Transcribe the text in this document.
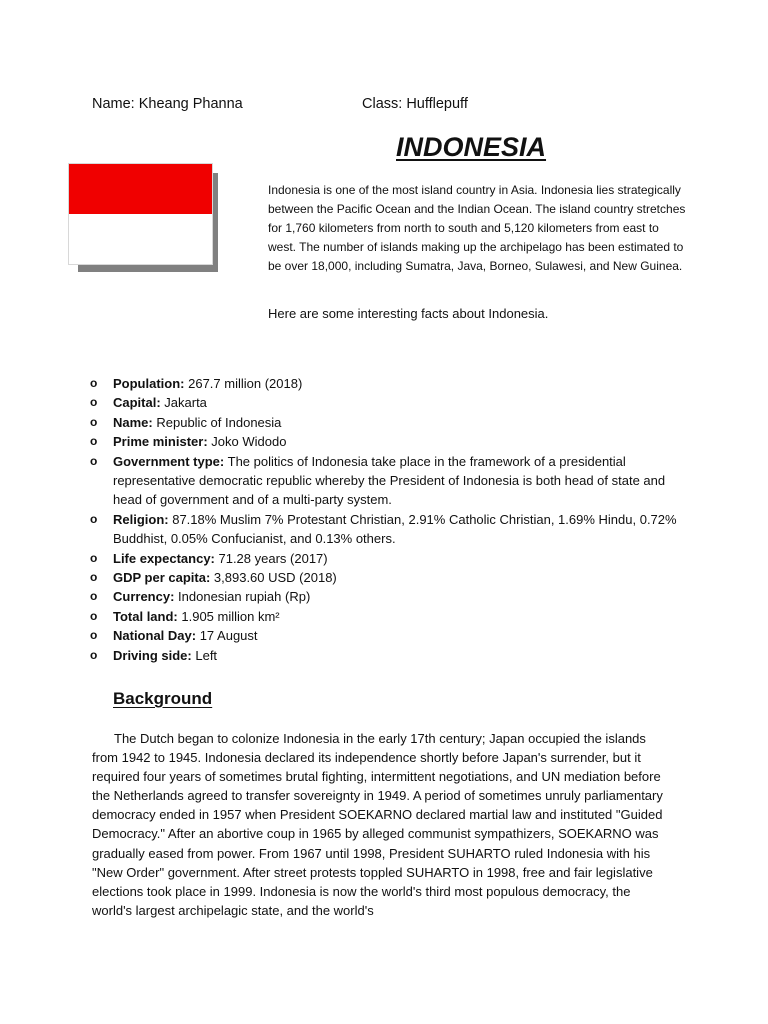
Name: Kheang Phanna	Class: Hufflepuff
INDONESIA
Indonesia is one of the most island country in Asia. Indonesia lies strategically between the Pacific Ocean and the Indian Ocean. The island country stretches for 1,760 kilometers from north to south and 5,120 kilometers from east to west. The number of islands making up the archipelago has been estimated to be over 18,000, including Sumatra, Java, Borneo, Sulawesi, and New Guinea.
Here are some interesting facts about Indonesia.
o Population: 267.7 million (2018)
o Capital: Jakarta
o Name: Republic of Indonesia
o Prime minister: Joko Widodo
o Government type: The politics of Indonesia take place in the framework of a presidential representative democratic republic whereby the President of Indonesia is both head of state and head of government and of a multi-party system.
o Religion: 87.18% Muslim 7% Protestant Christian, 2.91% Catholic Christian, 1.69% Hindu, 0.72% Buddhist, 0.05% Confucianist, and 0.13% others.
o Life expectancy: 71.28 years (2017)
o GDP per capita: 3,893.60 USD (2018)
o Currency: Indonesian rupiah (Rp)
o Total land: 1.905 million km²
o National Day: 17 August
o Driving side: Left
Background
The Dutch began to colonize Indonesia in the early 17th century; Japan occupied the islands from 1942 to 1945. Indonesia declared its independence shortly before Japan's surrender, but it required four years of sometimes brutal fighting, intermittent negotiations, and UN mediation before the Netherlands agreed to transfer sovereignty in 1949. A period of sometimes unruly parliamentary democracy ended in 1957 when President SOEKARNO declared martial law and instituted "Guided Democracy." After an abortive coup in 1965 by alleged communist sympathizers, SOEKARNO was gradually eased from power. From 1967 until 1998, President SUHARTO ruled Indonesia with his "New Order" government. After street protests toppled SUHARTO in 1998, free and fair legislative elections took place in 1999. Indonesia is now the world's third most populous democracy, the world's largest archipelagic state, and the world's
